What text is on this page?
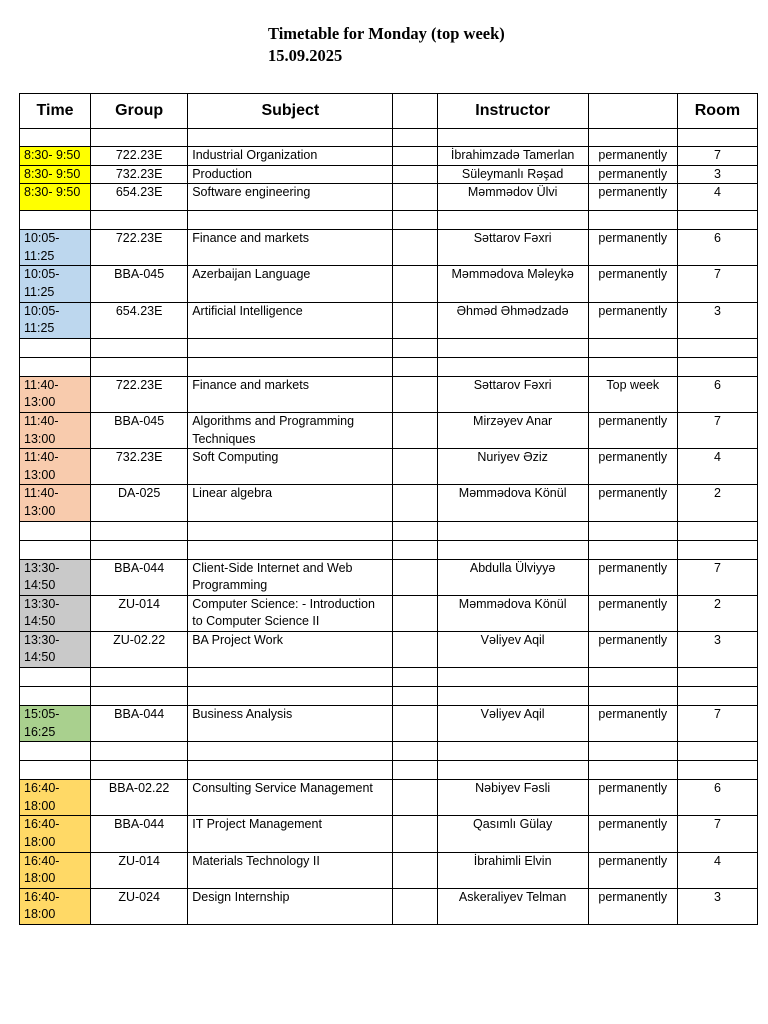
Timetable for Monday (top week)
15.09.2025
Time	Group	Subject		Instructor		Room

8:30- 9:50	722.23E	Industrial Organization		İbrahimzadə Tamerlan	permanently	7
8:30- 9:50	732.23E	Production		Süleymanlı Rəşad	permanently	3
8:30- 9:50	654.23E	Software engineering		Məmmədov Ülvi	permanently	4

10:05- 11:25	722.23E	Finance and markets		Səttarov Fəxri	permanently	6
10:05- 11:25	BBA-045	Azerbaijan Language		Məmmədova Məleykə	permanently	7
10:05- 11:25	654.23E	Artificial Intelligence		Əhməd Əhmədzadə	permanently	3

11:40- 13:00	722.23E	Finance and markets		Səttarov Fəxri	Top week	6
11:40- 13:00	BBA-045	Algorithms and Programming Techniques		Mirzəyev Anar	permanently	7
11:40- 13:00	732.23E	Soft Computing		Nuriyev Əziz	permanently	4
11:40- 13:00	DA-025	Linear algebra		Məmmədova Könül	permanently	2

13:30- 14:50	BBA-044	Client-Side Internet and Web Programming		Abdulla Ülviyyə	permanently	7
13:30- 14:50	ZU-014	Computer Science: - Introduction to Computer Science II		Məmmədova Könül	permanently	2
13:30- 14:50	ZU-02.22	BA Project Work		Vəliyev Aqil	permanently	3

15:05- 16:25	BBA-044	Business Analysis		Vəliyev Aqil	permanently	7

16:40- 18:00	BBA-02.22	Consulting Service Management		Nəbiyev Fəsli	permanently	6
16:40- 18:00	BBA-044	IT Project Management		Qasımlı Gülay	permanently	7
16:40- 18:00	ZU-014	Materials Technology II		İbrahimli Elvin	permanently	4
16:40- 18:00	ZU-024	Design Internship		Askeraliyev Telman	permanently	3
